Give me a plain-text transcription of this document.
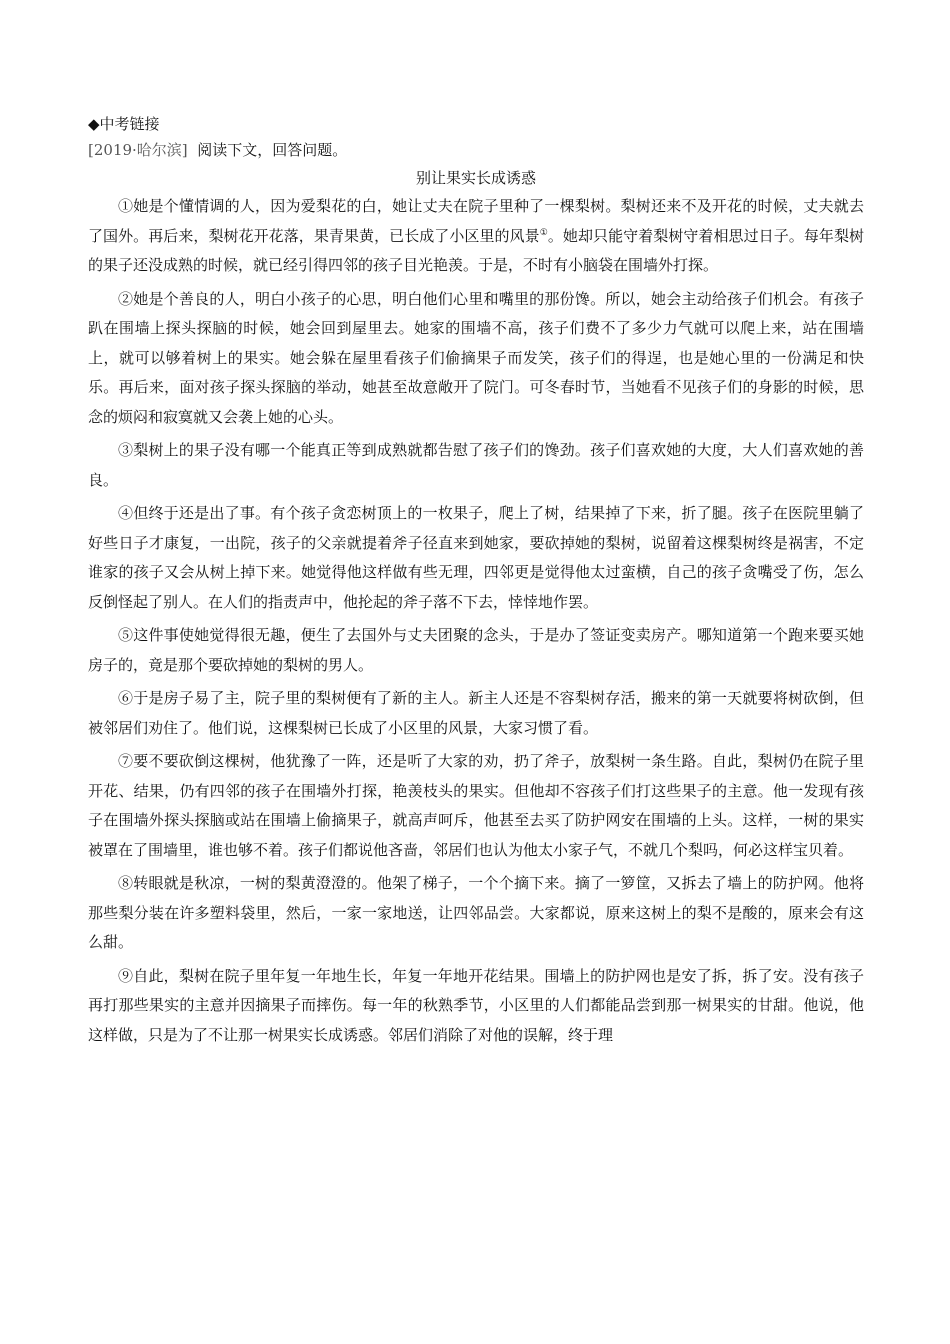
◆中考链接

[2019·哈尔滨] 阅读下文，回答问题。

别让果实长成诱惑

①她是个懂情调的人，因为爱梨花的白，她让丈夫在院子里种了一棵梨树。梨树还来不及开花的时候，丈夫就去了国外。再后来，梨树花开花落，果青果黄，已长成了小区里的风景①。她却只能守着梨树守着相思过日子。每年梨树的果子还没成熟的时候，就已经引得四邻的孩子目光艳羡。于是，不时有小脑袋在围墙外打探。

②她是个善良的人，明白小孩子的心思，明白他们心里和嘴里的那份馋。所以，她会主动给孩子们机会。有孩子趴在围墙上探头探脑的时候，她会回到屋里去。她家的围墙不高，孩子们费不了多少力气就可以爬上来，站在围墙上，就可以够着树上的果实。她会躲在屋里看孩子们偷摘果子而发笑，孩子们的得逞，也是她心里的一份满足和快乐。再后来，面对孩子探头探脑的举动，她甚至故意敞开了院门。可冬春时节，当她看不见孩子们的身影的时候，思念的烦闷和寂寞就又会袭上她的心头。

③梨树上的果子没有哪一个能真正等到成熟就都告慰了孩子们的馋劲。孩子们喜欢她的大度，大人们喜欢她的善良。

④但终于还是出了事。有个孩子贪恋树顶上的一枚果子，爬上了树，结果掉了下来，折了腿。孩子在医院里躺了好些日子才康复，一出院，孩子的父亲就提着斧子径直来到她家，要砍掉她的梨树，说留着这棵梨树终是祸害，不定谁家的孩子又会从树上掉下来。她觉得他这样做有些无理，四邻更是觉得他太过蛮横，自己的孩子贪嘴受了伤，怎么反倒怪起了别人。在人们的指责声中，他抡起的斧子落不下去，悻悻地作罢。

⑤这件事使她觉得很无趣，便生了去国外与丈夫团聚的念头，于是办了签证变卖房产。哪知道第一个跑来要买她房子的，竟是那个要砍掉她的梨树的男人。

⑥于是房子易了主，院子里的梨树便有了新的主人。新主人还是不容梨树存活，搬来的第一天就要将树砍倒，但被邻居们劝住了。他们说，这棵梨树已长成了小区里的风景，大家习惯了看。

⑦要不要砍倒这棵树，他犹豫了一阵，还是听了大家的劝，扔了斧子，放梨树一条生路。自此，梨树仍在院子里开花、结果，仍有四邻的孩子在围墙外打探，艳羡枝头的果实。但他却不容孩子们打这些果子的主意。他一发现有孩子在围墙外探头探脑或站在围墙上偷摘果子，就高声呵斥，他甚至去买了防护网安在围墙的上头。这样，一树的果实被罩在了围墙里，谁也够不着。孩子们都说他吝啬，邻居们也认为他太小家子气，不就几个梨吗，何必这样宝贝着。

⑧转眼就是秋凉，一树的梨黄澄澄的。他架了梯子，一个个摘下来。摘了一箩筐，又拆去了墙上的防护网。他将那些梨分装在许多塑料袋里，然后，一家一家地送，让四邻品尝。大家都说，原来这树上的梨不是酸的，原来会有这么甜。

⑨自此，梨树在院子里年复一年地生长，年复一年地开花结果。围墙上的防护网也是安了拆，拆了安。没有孩子再打那些果实的主意并因摘果子而摔伤。每一年的秋熟季节，小区里的人们都能品尝到那一树果实的甘甜。他说，他这样做，只是为了不让那一树果实长成诱惑。邻居们消除了对他的误解，终于理
